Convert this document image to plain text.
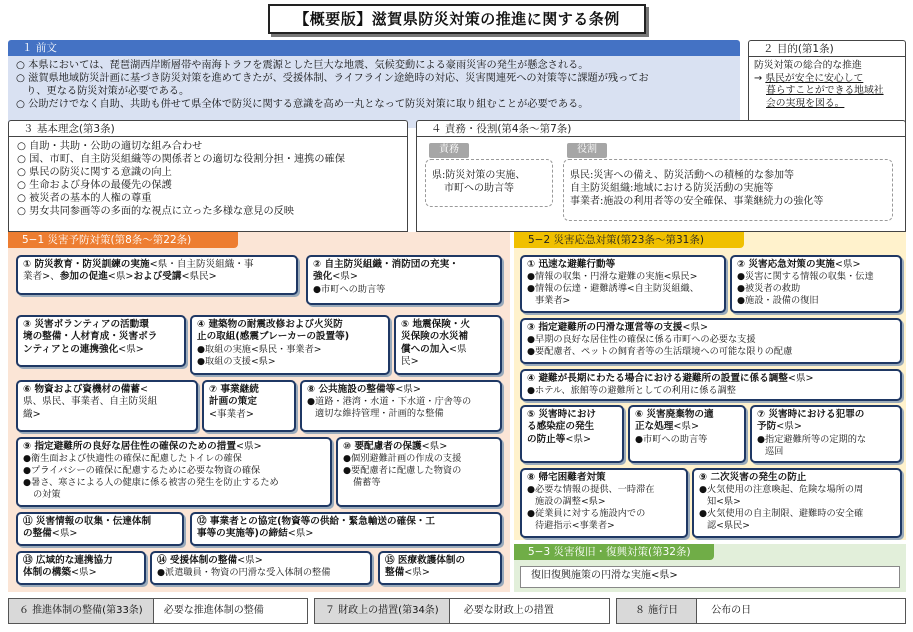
【概要版】滋賀県防災対策の推進に関する条例
１ 前文

○ 本県においては、琵琶湖西岸断層帯や南海トラフを震源とした巨大な地震、気候変動による豪雨災害の発生が懸念される。

○ 滋賀県地域防災計画に基づき防災対策を進めてきたが、受援体制、ライフライン途絶時の対応、災害関連死への対策等に課題が残ってお

　り、更なる防災対策が必要である。

○ 公助だけでなく自助、共助も併せて県全体で防災に関する意識を高め一丸となって防災対策に取り組むことが必要である。

２ 目的(第1条)

防災対策の総合的な推進

→ 県民が安全に安心して

暮らすことができる地域社

会の実現を図る。

３ 基本理念(第3条)

○ 自助・共助・公助の適切な組み合わせ

○ 国、市町、自主防災組織等の関係者との適切な役割分担・連携の確保

○ 県民の防災に関する意識の向上

○ 生命および身体の最優先の保護

○ 被災者の基本的人権の尊重

○ 男女共同参画等の多面的な視点に立った多様な意見の反映

４ 責務・役割(第4条〜第7条)
責務

県:防災対策の実施、

市町への助言等

役割

県民:災害への備え、防災活動への積極的な参加等

自主防災組織:地域における防災活動の実施等

事業者:施設の利用者等の安全確保、事業継続力の強化等

5−1 災害予防対策(第8条〜第22条)

① 防災教育・防災訓練の実施<県・自主防災組織・事

業者>、参加の促進<県>および受講<県民>

② 自主防災組織・消防団の充実・

強化<県>

●市町への助言等

③ 災害ボランティアの活動環

境の整備・人材育成・災害ボラ

ンティアとの連携強化<県>

④ 建築物の耐震改修および火災防

止の取組(感震ブレーカーの設置等)

●取組の実施<県民・事業者>

●取組の支援<県>

⑤ 地震保険・火

災保険の水災補

償への加入<県

民>

⑥ 物資および資機材の備蓄<

県、県民、事業者、自主防災組

織>

⑦ 事業継続

計画の策定

<事業者>

⑧ 公共施設の整備等<県>

●道路・港湾・水道・下水道・庁舎等の

適切な維持管理・計画的な整備

⑨ 指定避難所の良好な居住性の確保のための措置<県>

●衛生面および快適性の確保に配慮したトイレの確保

●プライバシーの確保に配慮するために必要な物資の確保

●暑さ、寒さによる人の健康に係る被害の発生を防止するため

の対策

⑩ 要配慮者の保護<県>

●個別避難計画の作成の支援

●要配慮者に配慮した物資の

備蓄等

⑪ 災害情報の収集・伝達体制

の整備<県>

⑫ 事業者との協定(物資等の供給・緊急輸送の確保・工

事等の実施等)の締結<県>

⑬ 広域的な連携協力

体制の構築<県>

⑭ 受援体制の整備<県>

●派遣職員・物資の円滑な受入体制の整備

⑮ 医療救護体制の

整備<県>

5−2 災害応急対策(第23条〜第31条)

① 迅速な避難行動等

●情報の収集・円滑な避難の実施<県民>

●情報の伝達・避難誘導<自主防災組織、

事業者>

② 災害応急対策の実施<県>

●災害に関する情報の収集・伝達

●被災者の救助

●施設・設備の復旧

③ 指定避難所の円滑な運営等の支援<県>

●早期の良好な居住性の確保に係る市町への必要な支援

●要配慮者、ペットの飼育者等の生活環境への可能な限りの配慮

④ 避難が長期にわたる場合における避難所の設置に係る調整<県>

●ホテル、旅館等の避難所としての利用に係る調整

⑤ 災害時におけ

る感染症の発生

の防止等<県>

⑥ 災害廃棄物の適

正な処理<県>

●市町への助言等

⑦ 災害時における犯罪の

予防<県>

●指定避難所等の定期的な

巡回

⑧ 帰宅困難者対策

●必要な情報の提供、一時滞在

施設の調整<県>

●従業員に対する施設内での

待避指示<事業者>

⑨ 二次災害の発生の防止

●火気使用の注意喚起、危険な場所の周

知<県>

●火気使用の自主制限、避難時の安全確

認<県民>

5−3 災害復旧・復興対策(第32条)
復旧復興施策の円滑な実施<県>
６ 推進体制の整備(第33条)	必要な推進体制の整備	７ 財政上の措置(第34条)	必要な財政上の措置	８ 施行日	公布の日
